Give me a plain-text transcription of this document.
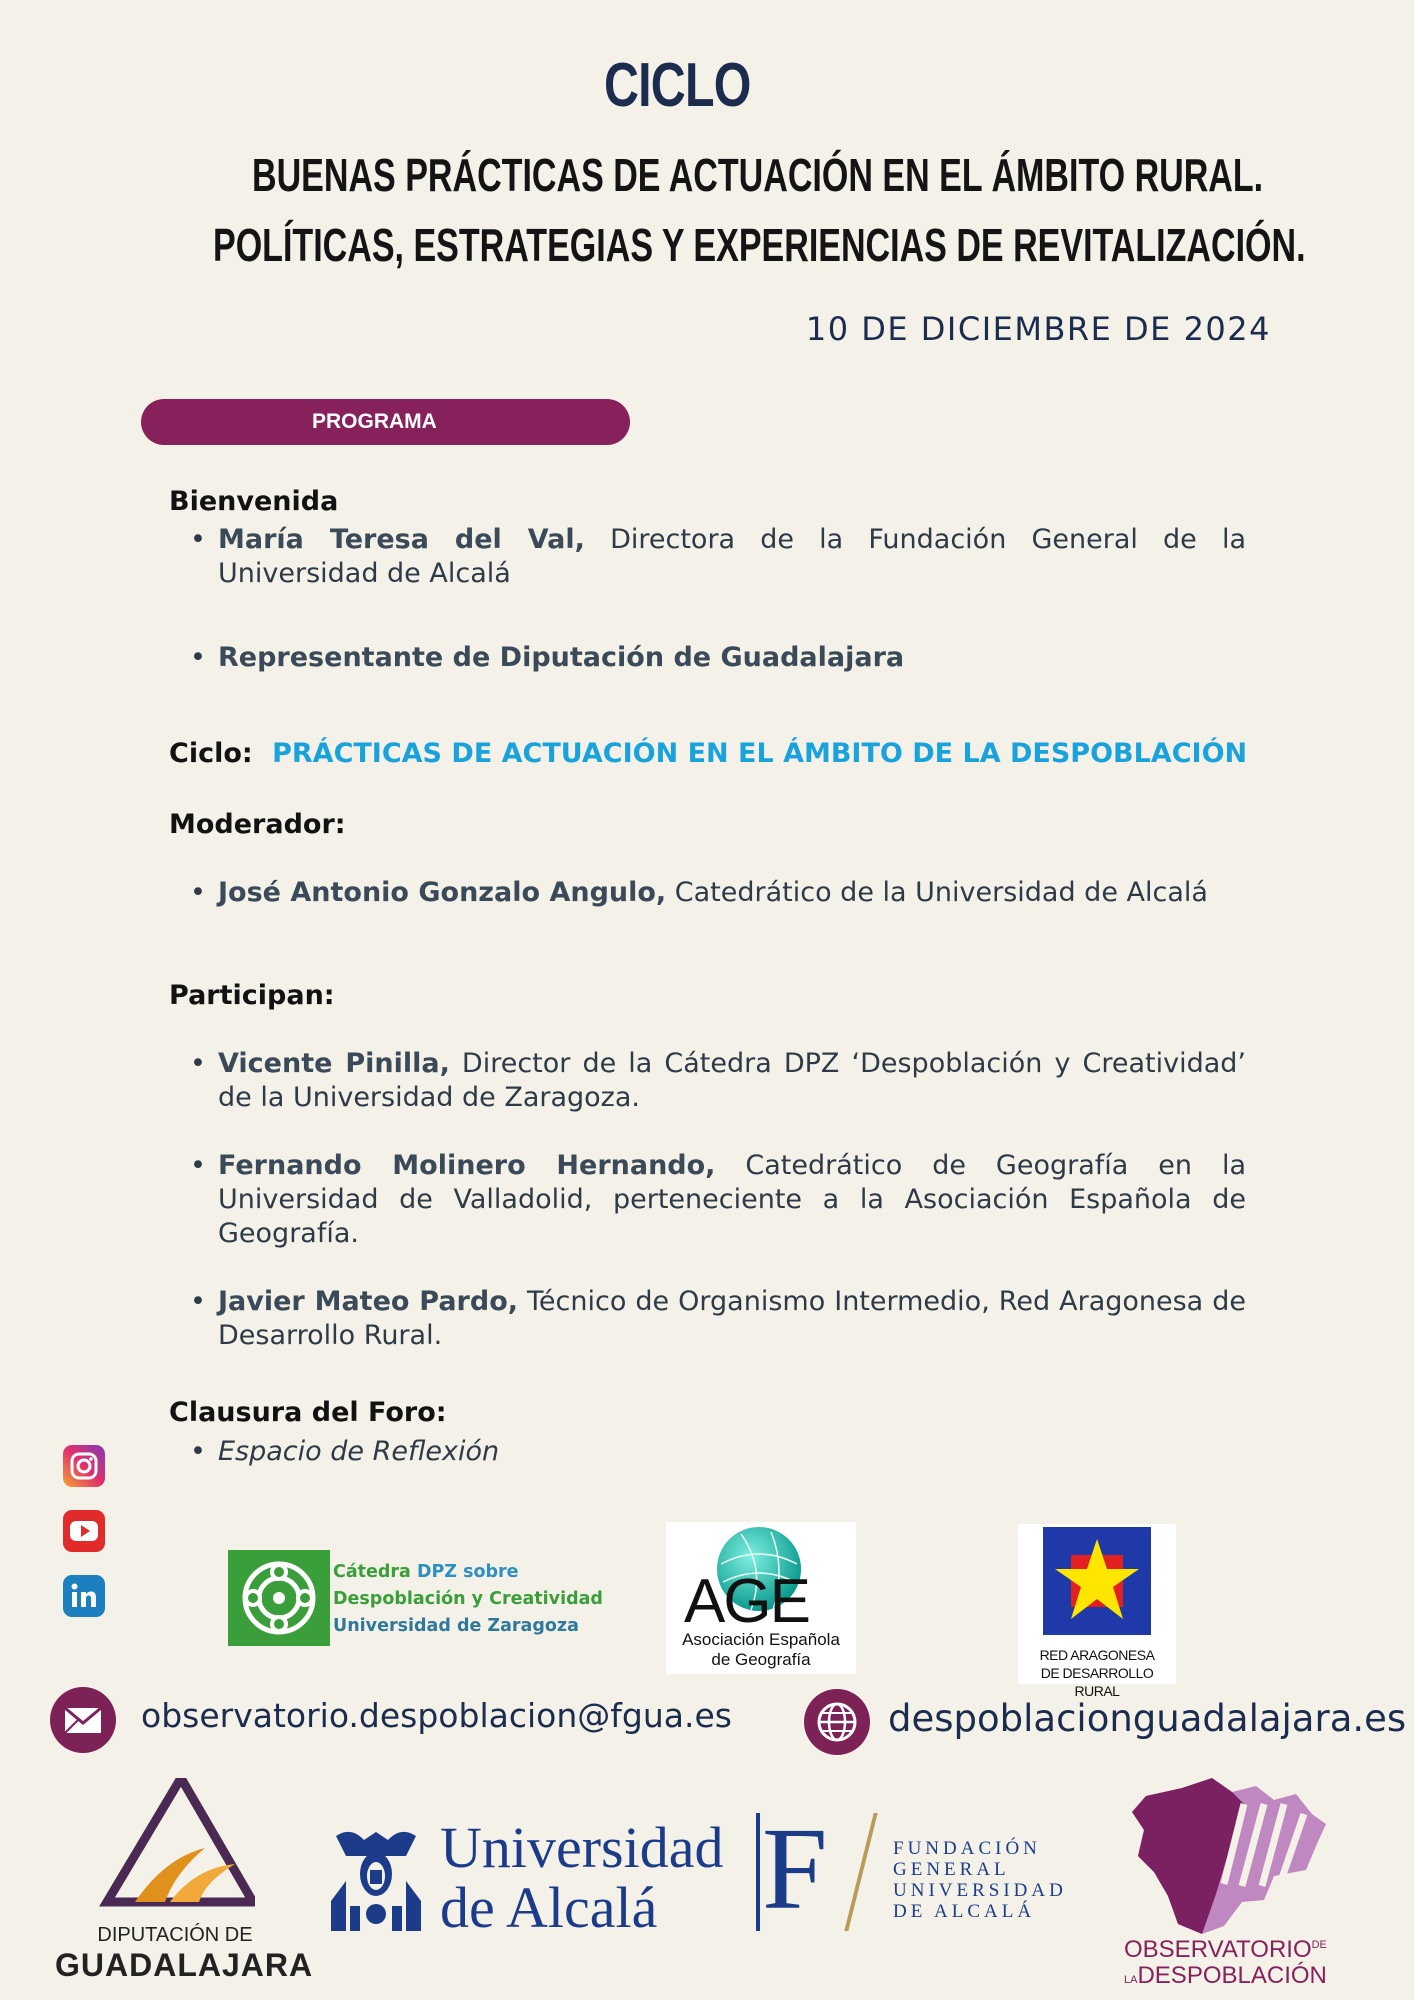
CICLO
BUENAS PRÁCTICAS DE ACTUACIÓN EN EL ÁMBITO RURAL.
POLÍTICAS, ESTRATEGIAS Y EXPERIENCIAS DE REVITALIZACIÓN.
10 DE DICIEMBRE DE 2024
PROGRAMA
Bienvenida
• María Teresa del Val, Directora de la Fundación General de la Universidad de Alcalá
• Representante de Diputación de Guadalajara
Ciclo: PRÁCTICAS DE ACTUACIÓN EN EL ÁMBITO DE LA DESPOBLACIÓN
Moderador:
• José Antonio Gonzalo Angulo, Catedrático de la Universidad de Alcalá
Participan:
• Vicente Pinilla, Director de la Cátedra DPZ ‘Despoblación y Creatividad’ de la Universidad de Zaragoza.
• Fernando Molinero Hernando, Catedrático de Geografía en la Universidad de Valladolid, perteneciente a la Asociación Española de Geografía.
• Javier Mateo Pardo, Técnico de Organismo Intermedio, Red Aragonesa de Desarrollo Rural.
Clausura del Foro:
• Espacio de Reflexión
Cátedra DPZ sobre
Despoblación y Creatividad
Universidad de Zaragoza	AGE
Asociación Española
de Geografía	RED ARAGONESA
DE DESARROLLO RURAL
observatorio.despoblacion@fgua.es	despoblacionguadalajara.es
DIPUTACIÓN DE
GUADALAJARA
Universidad
de Alcalá F	FUNDACIÓN
GENERAL
UNIVERSIDAD
DE ALCALÁ
$OBSERVATORIO^{DE}$
LADESPOBLACIÓN
